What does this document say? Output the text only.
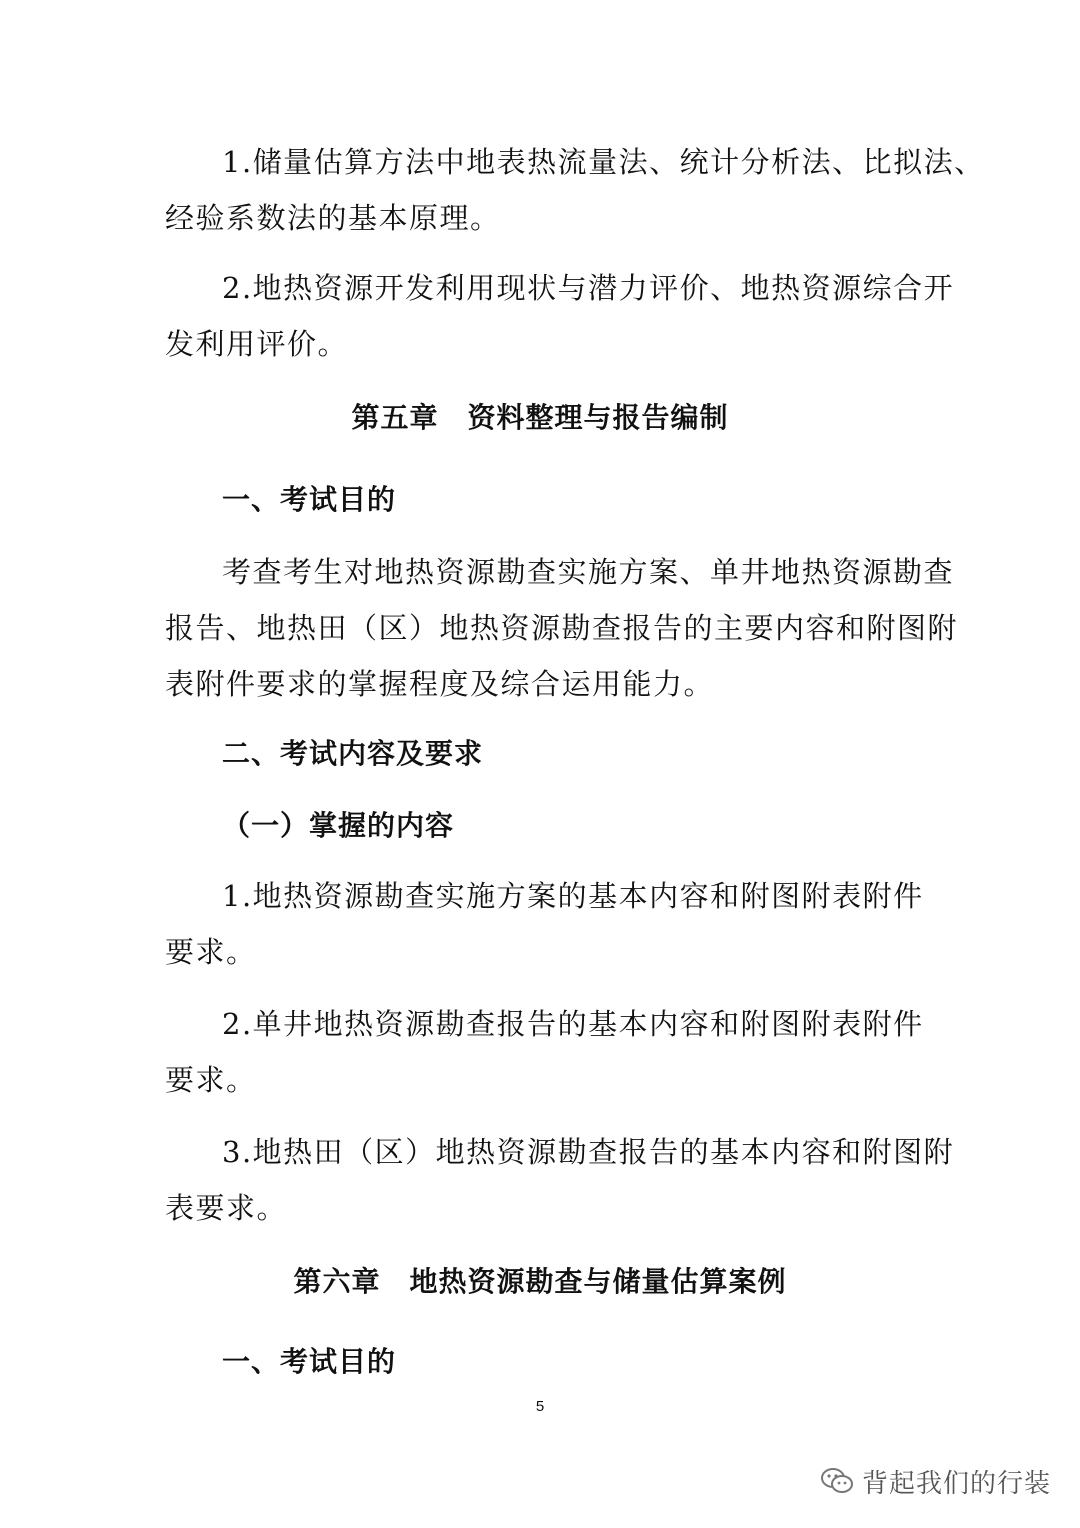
1.储量估算方法中地表热流量法、统计分析法、比拟法、
经验系数法的基本原理。
2.地热资源开发利用现状与潜力评价、地热资源综合开
发利用评价。
第五章　资料整理与报告编制
一、考试目的
考查考生对地热资源勘查实施方案、单井地热资源勘查
报告、地热田（区）地热资源勘查报告的主要内容和附图附
表附件要求的掌握程度及综合运用能力。
二、考试内容及要求
（一）掌握的内容
1.地热资源勘查实施方案的基本内容和附图附表附件
要求。
2.单井地热资源勘查报告的基本内容和附图附表附件
要求。
3.地热田（区）地热资源勘查报告的基本内容和附图附
表要求。
第六章　地热资源勘查与储量估算案例
一、考试目的
5
背起我们的行装
